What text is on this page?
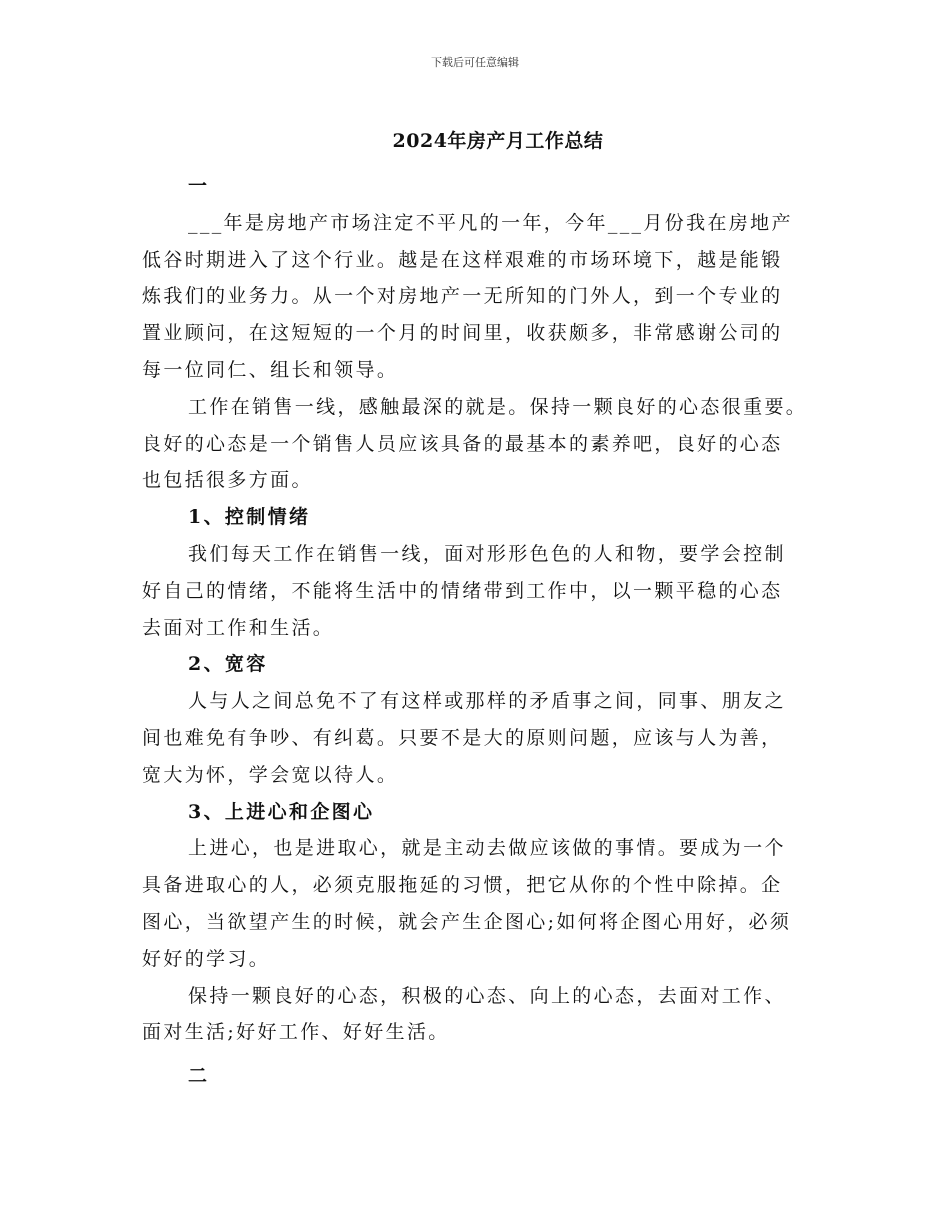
下载后可任意编辑
2024年房产月工作总结
一
___年是房地产市场注定不平凡的一年，今年___月份我在房地产
低谷时期进入了这个行业。越是在这样艰难的市场环境下，越是能锻
炼我们的业务力。从一个对房地产一无所知的门外人，到一个专业的
置业顾问，在这短短的一个月的时间里，收获颇多，非常感谢公司的
每一位同仁、组长和领导。
工作在销售一线，感触最深的就是。保持一颗良好的心态很重要。
良好的心态是一个销售人员应该具备的最基本的素养吧，良好的心态
也包括很多方面。
1、控制情绪
我们每天工作在销售一线，面对形形色色的人和物，要学会控制
好自己的情绪，不能将生活中的情绪带到工作中，以一颗平稳的心态
去面对工作和生活。
2、宽容
人与人之间总免不了有这样或那样的矛盾事之间，同事、朋友之
间也难免有争吵、有纠葛。只要不是大的原则问题，应该与人为善，
宽大为怀，学会宽以待人。
3、上进心和企图心
上进心，也是进取心，就是主动去做应该做的事情。要成为一个
具备进取心的人，必须克服拖延的习惯，把它从你的个性中除掉。企
图心，当欲望产生的时候，就会产生企图心;如何将企图心用好，必须
好好的学习。
保持一颗良好的心态，积极的心态、向上的心态，去面对工作、
面对生活;好好工作、好好生活。
二
